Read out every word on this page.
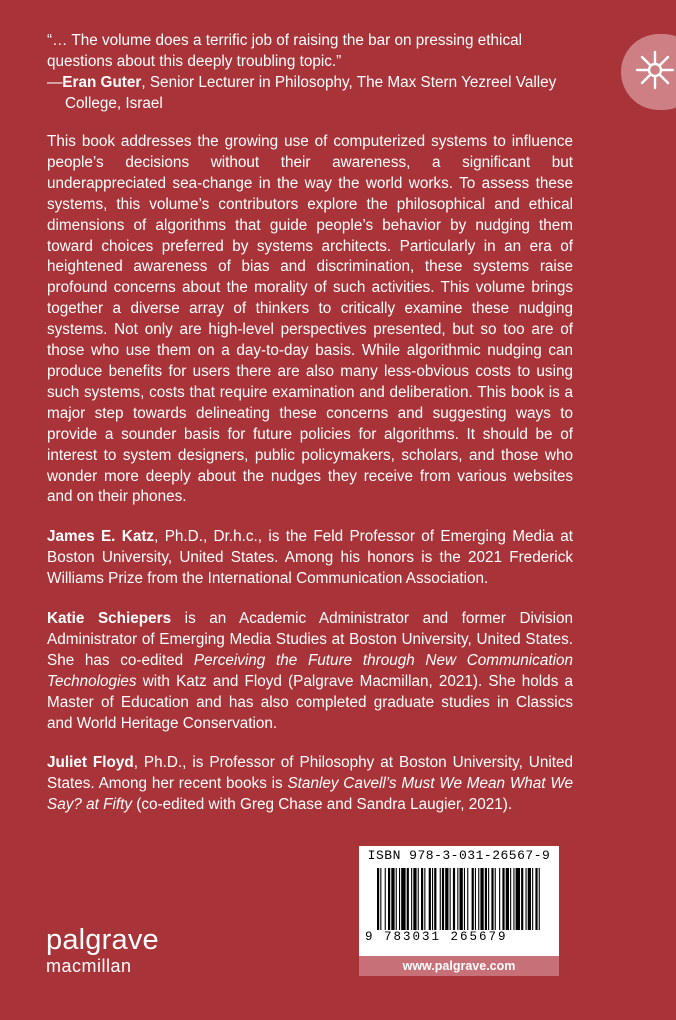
“… The volume does a terrific job of raising the bar on pressing ethical questions about this deeply troubling topic.”
—Eran Guter, Senior Lecturer in Philosophy, The Max Stern Yezreel Valley
College, Israel

This book addresses the growing use of computerized systems to influence people’s decisions without their awareness, a significant but underappreciated sea-change in the way the world works. To assess these systems, this volume’s contributors explore the philosophical and ethical dimensions of algorithms that guide people’s behavior by nudging them toward choices preferred by systems architects. Particularly in an era of heightened awareness of bias and discrimination, these systems raise profound concerns about the morality of such activities. This volume brings together a diverse array of thinkers to critically examine these nudging systems. Not only are high-level perspectives presented, but so too are of those who use them on a day-to-day basis. While algorithmic nudging can produce benefits for users there are also many less-obvious costs to using such systems, costs that require examination and deliberation. This book is a major step towards delineating these concerns and suggesting ways to provide a sounder basis for future policies for algorithms. It should be of interest to system designers, public policymakers, scholars, and those who wonder more deeply about the nudges they receive from various websites and on their phones.

James E. Katz, Ph.D., Dr.h.c., is the Feld Professor of Emerging Media at Boston University, United States. Among his honors is the 2021 Frederick Williams Prize from the International Communication Association.

Katie Schiepers is an Academic Administrator and former Division Administrator of Emerging Media Studies at Boston University, United States. She has co-edited Perceiving the Future through New Communication Technologies with Katz and Floyd (Palgrave Macmillan, 2021). She holds a Master of Education and has also completed graduate studies in Classics and World Heritage Conservation.

Juliet Floyd, Ph.D., is Professor of Philosophy at Boston University, United States. Among her recent books is Stanley Cavell’s Must We Mean What We Say? at Fifty (co-edited with Greg Chase and Sandra Laugier, 2021).

ISBN 978-3-031-26567-9
9 783031 265679
www.palgrave.com
palgrave
macmillan
